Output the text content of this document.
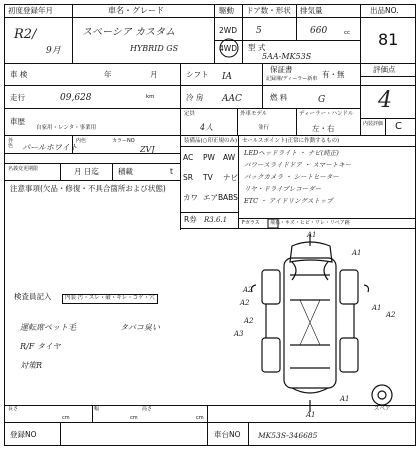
初度登録年月
R2/
9月
車名・グレード
スペーシア カスタム
HYBRID GS
駆動
2WD
4WD
ドア数・形状
5
排気量
660	cc
型 式
5AA-MK53S
出品NO.
81
車 検	年	月	シフト IA
保証書
記録簿/ディーラー新車 有・無
評価点
4
走行	09,628	km	冷 房 AAC	燃 料	G
車歴
自家用・レンタ・事業用
定員
4人
外車モデル
並行
ディーラー・ハンドル
左・右	内装評価 C
外色	パールホワイト
内色	カラーNO
ZVJ
名義変更期限	月 日迄	積載	t
注意事項(欠品・修復・不具合箇所および状態)
装備品(○印正規のみ)
AC PW AW
SR TV ナビ
カワ エアB ABS
R券 R3.6.1
セールスポイント(正常に作動するもの)
LEDヘッドライト ・ ナビ(純正)
パワースライドドア ・ スマートキー
バックカメラ ・ シートヒーター
リヤ・ドライブレコーダー
ETC ・ アイドリングストップ
Fガラス 飛石・キズ・ヒビ・ワレ・リペア跡
検査員記入	内装 汚・スレ・破・キレ・コゲ・穴
運転席ペット毛	タバコ臭い
R/F タイヤ
対策R
A1
A1
A2
A2
A1
A2
A2
A3
A1
A1
スペア
長さ
cm
幅
cm
高さ
cm
登録NO	車台NO MK53S-346685
